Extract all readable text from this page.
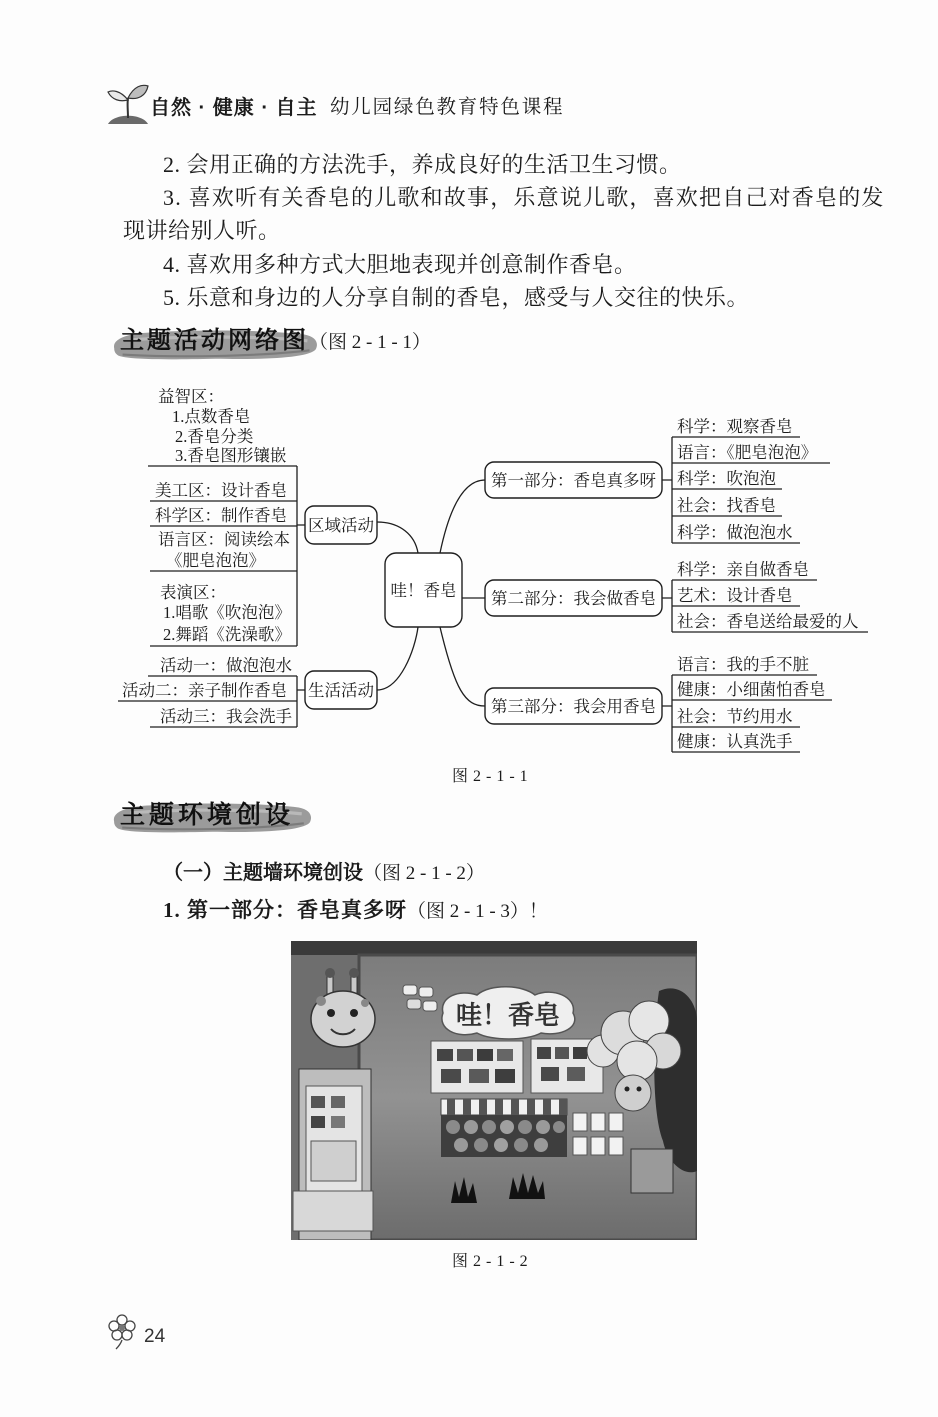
自然 · 健康 · 自主 幼儿园绿色教育特色课程
2. 会用正确的方法洗手，养成良好的生活卫生习惯。
3. 喜欢听有关香皂的儿歌和故事，乐意说儿歌，喜欢把自己对香皂的发
现讲给别人听。
4. 喜欢用多种方式大胆地表现并创意制作香皂。
5. 乐意和身边的人分享自制的香皂，感受与人交往的快乐。
主题活动网络图（图 2 - 1 - 1）
哇！香皂
区域活动
生活活动
第一部分：香皂真多呀
第二部分：我会做香皂
第三部分：我会用香皂
益智区：
1.点数香皂
2.香皂分类
3.香皂图形镶嵌
美工区：设计香皂
科学区：制作香皂
语言区：阅读绘本
《肥皂泡泡》
表演区：
1.唱歌《吹泡泡》
2.舞蹈《洗澡歌》
活动一：做泡泡水
活动二：亲子制作香皂
活动三：我会洗手
科学：观察香皂
语言：《肥皂泡泡》
科学：吹泡泡
社会：找香皂
科学：做泡泡水
科学：亲自做香皂
艺术：设计香皂
社会：香皂送给最爱的人
语言：我的手不脏
健康：小细菌怕香皂
社会：节约用水
健康：认真洗手
图 2 - 1 - 1
主题环境创设
（一）主题墙环境创设（图 2 - 1 - 2）
1. 第一部分：香皂真多呀（图 2 - 1 - 3）！
哇！香皂
图 2 - 1 - 2
24
